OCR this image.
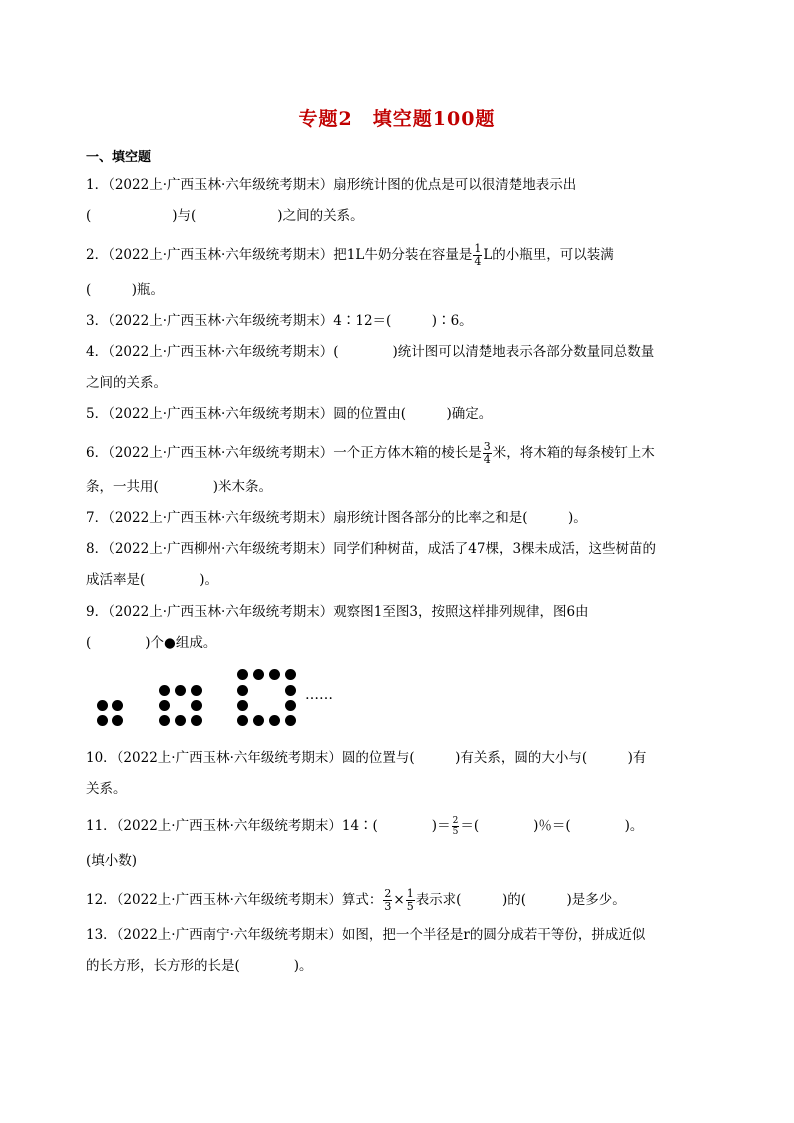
专题2　填空题100题
一、填空题
1．（2022上·广西玉林·六年级统考期末）扇形统计图的优点是可以很清楚地表示出
(　　　　　　)与(　　　　　　)之间的关系。
2．（2022上·广西玉林·六年级统考期末）把1L牛奶分装在容量是 $\frac{1}{4}$ L的小瓶里，可以装满
(　　　)瓶。
3．（2022上·广西玉林·六年级统考期末）4∶12＝(　　　)∶6。
4．（2022上·广西玉林·六年级统考期末）(　　　　)统计图可以清楚地表示各部分数量同总数量
之间的关系。
5．（2022上·广西玉林·六年级统考期末）圆的位置由(　　　)确定。
6．（2022上·广西玉林·六年级统考期末）一个正方体木箱的棱长是 $\frac{3}{4}$ 米，将木箱的每条棱钉上木
条，一共用(　　　　)米木条。
7．（2022上·广西玉林·六年级统考期末）扇形统计图各部分的比率之和是(　　　)。
8．（2022上·广西柳州·六年级统考期末）同学们种树苗，成活了47棵，3棵未成活，这些树苗的
成活率是(　　　　)。
9．（2022上·广西玉林·六年级统考期末）观察图1至图3，按照这样排列规律，图6由
(　　　　)个●组成。
……
10．（2022上·广西玉林·六年级统考期末）圆的位置与(　　　)有关系，圆的大小与(　　　)有
关系。
11．（2022上·广西玉林·六年级统考期末）14∶(　　　　)＝ $\frac{2}{5}$ ＝(　　　　)％＝(　　　　)。
(填小数)
12．（2022上·广西玉林·六年级统考期末）算式： $\frac{2}{3} \times \frac{1}{5}$ 表示求(　　　)的(　　　)是多少。
13．（2022上·广西南宁·六年级统考期末）如图，把一个半径是r的圆分成若干等份，拼成近似
的长方形，长方形的长是(　　　　)。
